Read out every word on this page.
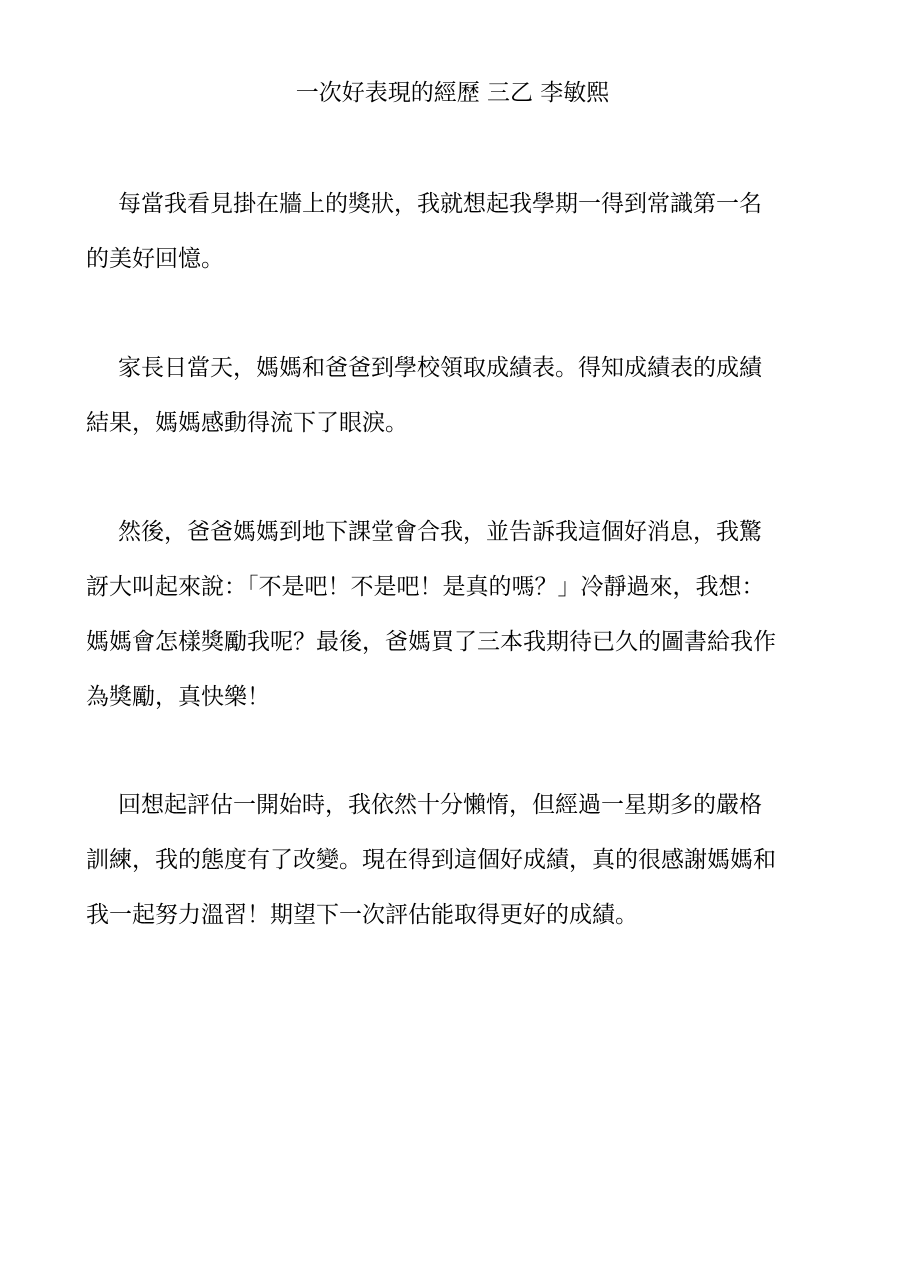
一次好表現的經歷 三乙 李敏熙
每當我看見掛在牆上的獎狀，我就想起我學期一得到常識第一名
的美好回憶。
家長日當天，媽媽和爸爸到學校領取成績表。得知成績表的成績
結果，媽媽感動得流下了眼淚。
然後，爸爸媽媽到地下課堂會合我，並告訴我這個好消息，我驚
訝大叫起來說：「不是吧！不是吧！是真的嗎？」冷靜過來，我想：
媽媽會怎樣獎勵我呢？最後，爸媽買了三本我期待已久的圖書給我作
為獎勵，真快樂！
回想起評估一開始時，我依然十分懶惰，但經過一星期多的嚴格
訓練，我的態度有了改變。現在得到這個好成績，真的很感謝媽媽和
我一起努力溫習！期望下一次評估能取得更好的成績。
